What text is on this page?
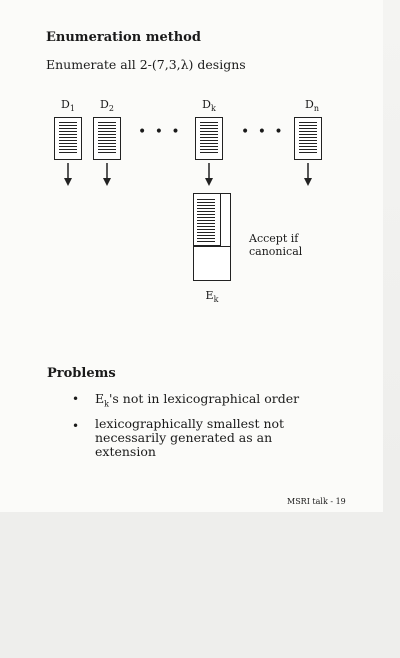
Enumeration method
Enumerate all 2-(7,3,λ) designs
$D_1$	$D_2$	$D_k$	$D_n$
• • •	• • •
$E_k$
Accept if
canonical
Problems
• $E_k's$ not in lexicographical order
• lexicographically smallest not necessarily generated as an extension
MSRI talk - 19
